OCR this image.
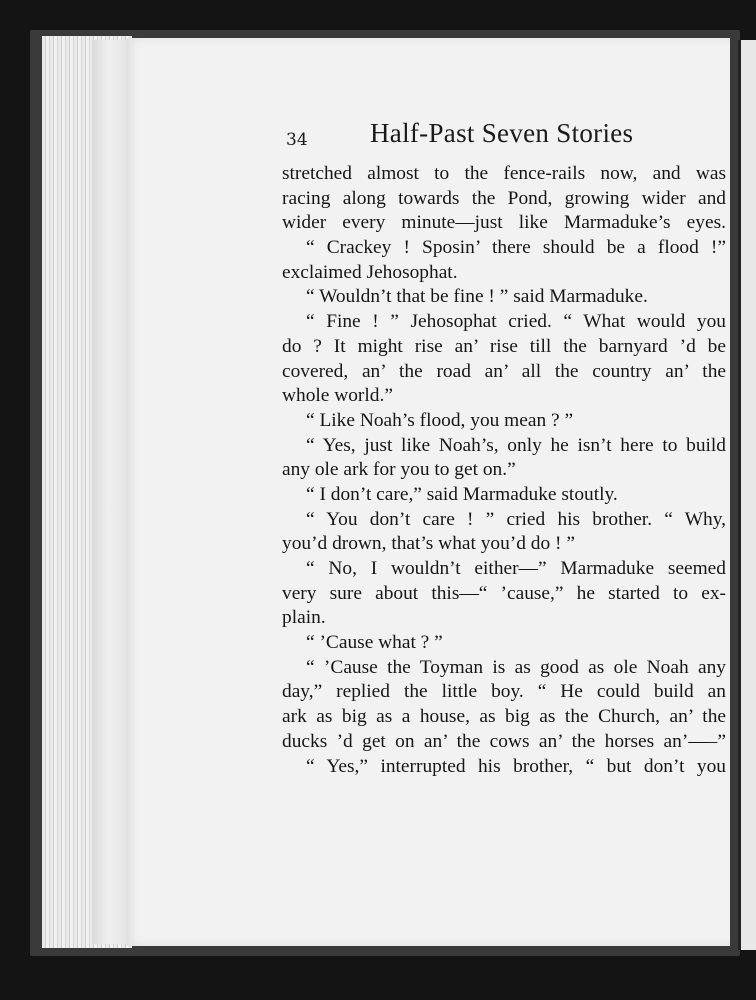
34 Half-Past Seven Stories
stretched almost to the fence-rails now, and was
racing along towards the Pond, growing wider and
wider every minute—just like Marmaduke’s eyes.
“ Crackey ! Sposin’ there should be a flood !”
exclaimed Jehosophat.
“ Wouldn’t that be fine ! ” said Marmaduke.
“ Fine ! ” Jehosophat cried. “ What would you
do ? It might rise an’ rise till the barnyard ’d be
covered, an’ the road an’ all the country an’ the
whole world.”
“ Like Noah’s flood, you mean ? ”
“ Yes, just like Noah’s, only he isn’t here to build
any ole ark for you to get on.”
“ I don’t care,” said Marmaduke stoutly.
“ You don’t care ! ” cried his brother. “ Why,
you’d drown, that’s what you’d do ! ”
“ No, I wouldn’t either—” Marmaduke seemed
very sure about this—“ ’cause,” he started to ex-
plain.
“ ’Cause what ? ”
“ ’Cause the Toyman is as good as ole Noah any
day,” replied the little boy. “ He could build an
ark as big as a house, as big as the Church, an’ the
ducks ’d get on an’ the cows an’ the horses an’—–”
“ Yes,” interrupted his brother, “ but don’t you
